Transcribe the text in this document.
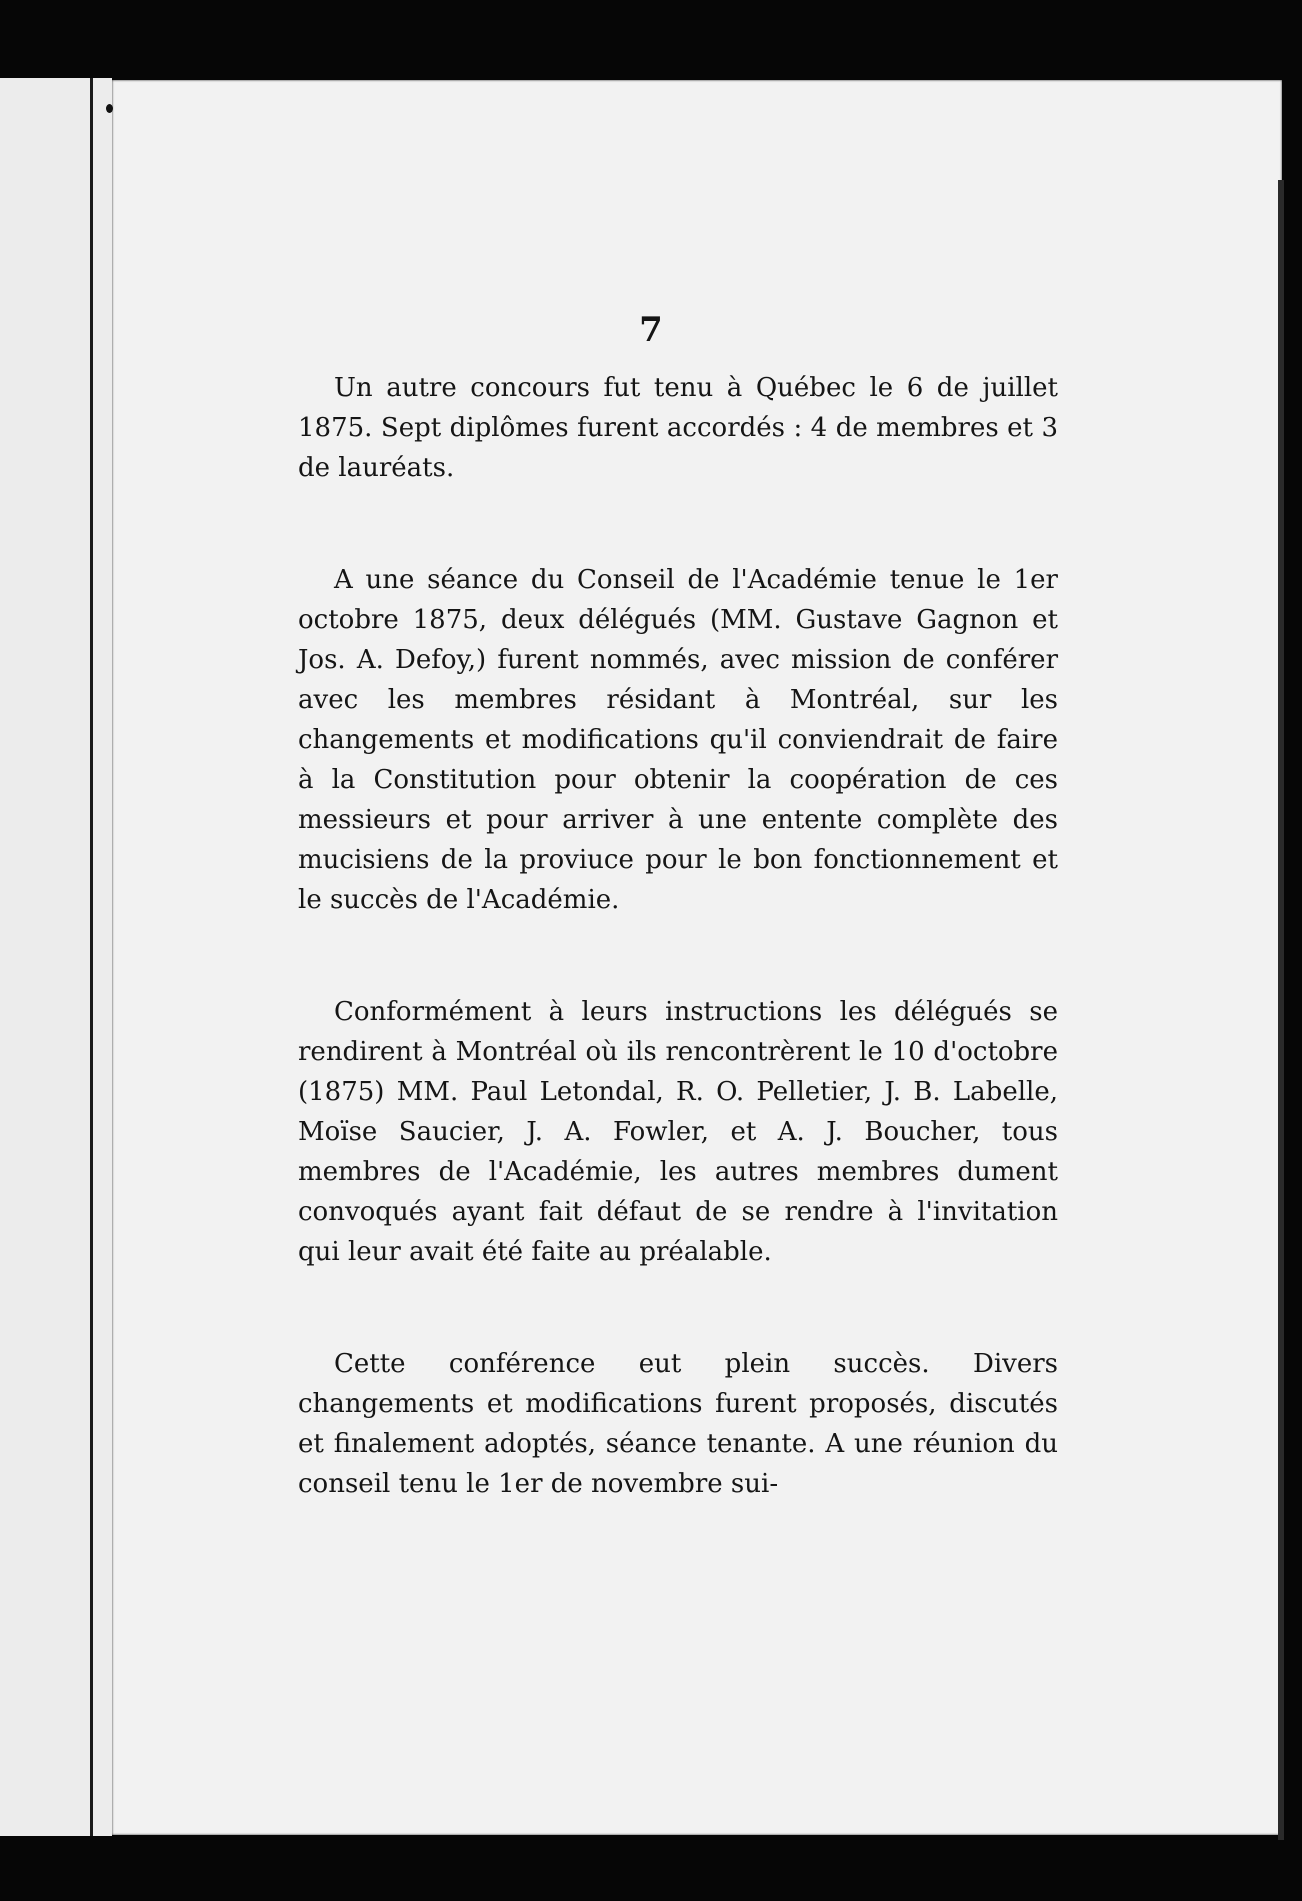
7

Un autre concours fut tenu à Québec le 6 de juillet 1875. Sept diplômes furent accordés : 4 de membres et 3 de lauréats.

A une séance du Conseil de l'Académie tenue le 1er octobre 1875, deux délégués (MM. Gustave Gagnon et Jos. A. Defoy,) furent nommés, avec mission de conférer avec les membres résidant à Montréal, sur les changements et modifications qu'il conviendrait de faire à la Constitution pour obtenir la coopération de ces messieurs et pour arriver à une entente complète des mucisiens de la proviuce pour le bon fonctionnement et le succès de l'Académie.

Conformément à leurs instructions les délégués se rendirent à Montréal où ils rencontrèrent le 10 d'octobre (1875) MM. Paul Letondal, R. O. Pelletier, J. B. Labelle, Moïse Saucier, J. A. Fowler, et A. J. Boucher, tous membres de l'Académie, les autres membres dument convoqués ayant fait défaut de se rendre à l'invitation qui leur avait été faite au préalable.

Cette conférence eut plein succès. Divers changements et modifications furent proposés, discutés et finalement adoptés, séance tenante. A une réunion du conseil tenu le 1er de novembre sui-
